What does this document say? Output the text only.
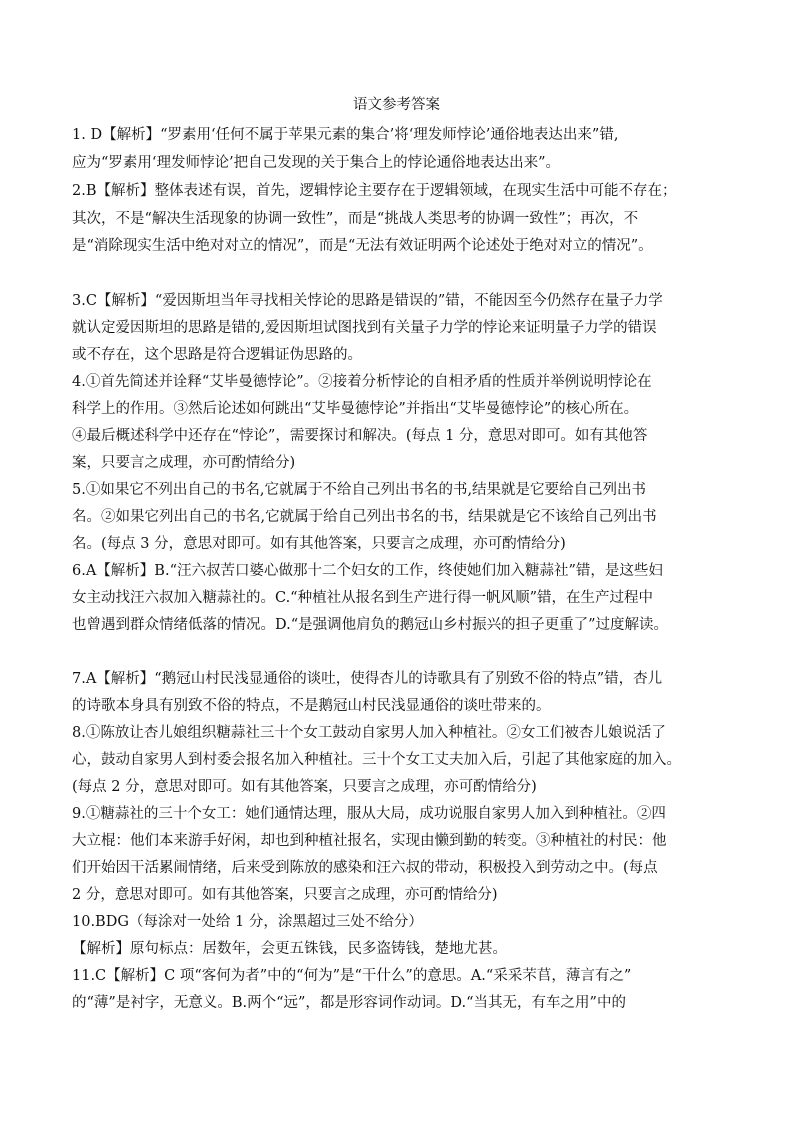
语文参考答案
1. D【解析】“罗素用‘任何不属于苹果元素的集合’将‘理发师悖论’通俗地表达出来”错,
应为“罗素用‘理发师悖论’把自己发现的关于集合上的悖论通俗地表达出来”。
2.B【解析】整体表述有误，首先，逻辑悖论主要存在于逻辑领域，在现实生活中可能不存在；
其次，不是“解决生活现象的协调一致性”，而是“挑战人类思考的协调一致性”；再次，不
是“消除现实生活中绝对对立的情况”，而是“无法有效证明两个论述处于绝对对立的情况”。
3.C【解析】“爱因斯坦当年寻找相关悖论的思路是错误的”错，不能因至今仍然存在量子力学
就认定爱因斯坦的思路是错的,爱因斯坦试图找到有关量子力学的悖论来证明量子力学的错误
或不存在，这个思路是符合逻辑证伪思路的。
4.①首先简述并诠释“艾毕曼德悖论”。②接着分析悖论的自相矛盾的性质并举例说明悖论在
科学上的作用。③然后论述如何跳出“艾毕曼德悖论”并指出“艾毕曼德悖论”的核心所在。
④最后概述科学中还存在“悖论”，需要探讨和解决。(每点 1 分，意思对即可。如有其他答
案，只要言之成理，亦可酌情给分)
5.①如果它不列出自己的书名,它就属于不给自己列出书名的书,结果就是它要给自己列出书
名。②如果它列出自己的书名,它就属于给自己列出书名的书，结果就是它不该给自己列出书
名。(每点 3 分，意思对即可。如有其他答案，只要言之成理，亦可酌情给分)
6.A【解析】B.“汪六叔苦口婆心做那十二个妇女的工作，终使她们加入糖蒜社”错，是这些妇
女主动找汪六叔加入糖蒜社的。C.“种植社从报名到生产进行得一帆风顺”错，在生产过程中
也曾遇到群众情绪低落的情况。D.“是强调他肩负的鹅冠山乡村振兴的担子更重了”过度解读。
7.A【解析】“鹅冠山村民浅显通俗的谈吐，使得杏儿的诗歌具有了别致不俗的特点”错，杏儿
的诗歌本身具有别致不俗的特点，不是鹅冠山村民浅显通俗的谈吐带来的。
8.①陈放让杏儿娘组织糖蒜社三十个女工鼓动自家男人加入种植社。②女工们被杏儿娘说活了
心，鼓动自家男人到村委会报名加入种植社。三十个女工丈夫加入后，引起了其他家庭的加入。
(每点 2 分，意思对即可。如有其他答案，只要言之成理，亦可酌情给分)
9.①糖蒜社的三十个女工：她们通情达理，服从大局，成功说服自家男人加入到种植社。②四
大立棍：他们本来游手好闲，却也到种植社报名，实现由懒到勤的转变。③种植社的村民：他
们开始因干活累闹情绪，后来受到陈放的感染和汪六叔的带动，积极投入到劳动之中。(每点
2 分，意思对即可。如有其他答案，只要言之成理，亦可酌情给分)
10.BDG（每涂对一处给 1 分，涂黑超过三处不给分）
【解析】原句标点：居数年，会更五铢钱，民多盗铸钱，楚地尤甚。
11.C【解析】C 项“客何为者”中的“何为”是“干什么”的意思。A.“采采芣苢，薄言有之”
的“薄”是衬字，无意义。B.两个“远”，都是形容词作动词。D.“当其无，有车之用”中的
